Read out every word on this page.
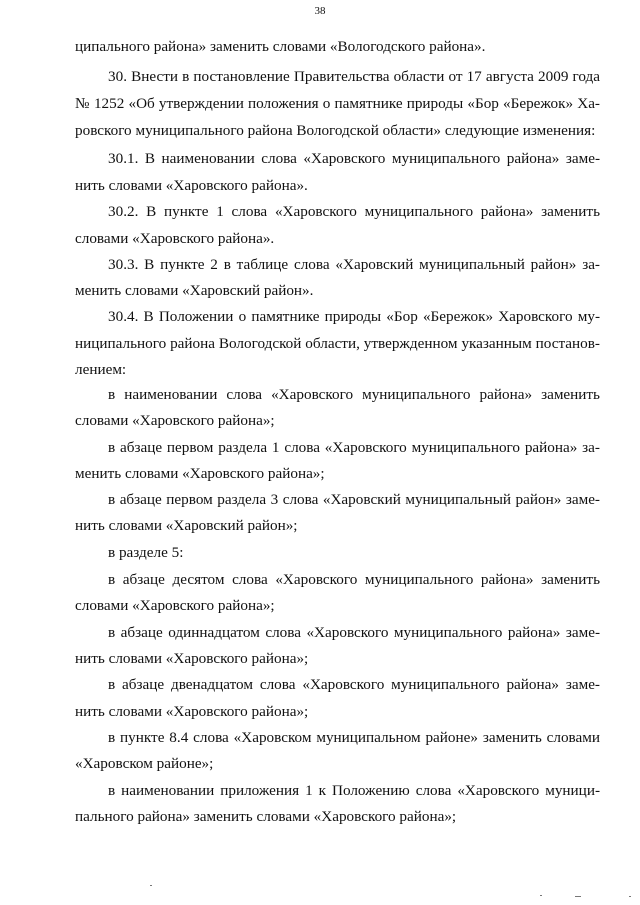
38
ципального района» заменить словами «Вологодского района».
30. Внести в постановление Правительства области от 17 августа 2009 года
№ 1252 «Об утверждении положения о памятнике природы «Бор «Бережок» Ха-
ровского муниципального района Вологодской области» следующие изменения:
30.1. В наименовании слова «Харовского муниципального района» заме-
нить словами «Харовского района».
30.2. В пункте 1 слова «Харовского муниципального района» заменить
словами «Харовского района».
30.3. В пункте 2 в таблице слова «Харовский муниципальный район» за-
менить словами «Харовский район».
30.4. В Положении о памятнике природы «Бор «Бережок» Харовского му-
ниципального района Вологодской области, утвержденном указанным постанов-
лением:
в наименовании слова «Харовского муниципального района» заменить
словами «Харовского района»;
в абзаце первом раздела 1 слова «Харовского муниципального района» за-
менить словами «Харовского района»;
в абзаце первом раздела 3 слова «Харовский муниципальный район» заме-
нить словами «Харовский район»;
в разделе 5:
в абзаце десятом слова «Харовского муниципального района» заменить
словами «Харовского района»;
в абзаце одиннадцатом слова «Харовского муниципального района» заме-
нить словами «Харовского района»;
в абзаце двенадцатом слова «Харовского муниципального района» заме-
нить словами «Харовского района»;
в пункте 8.4 слова «Харовском муниципальном районе» заменить словами
«Харовском районе»;
в наименовании приложения 1 к Положению слова «Харовского муници-
пального района» заменить словами «Харовского района»;
